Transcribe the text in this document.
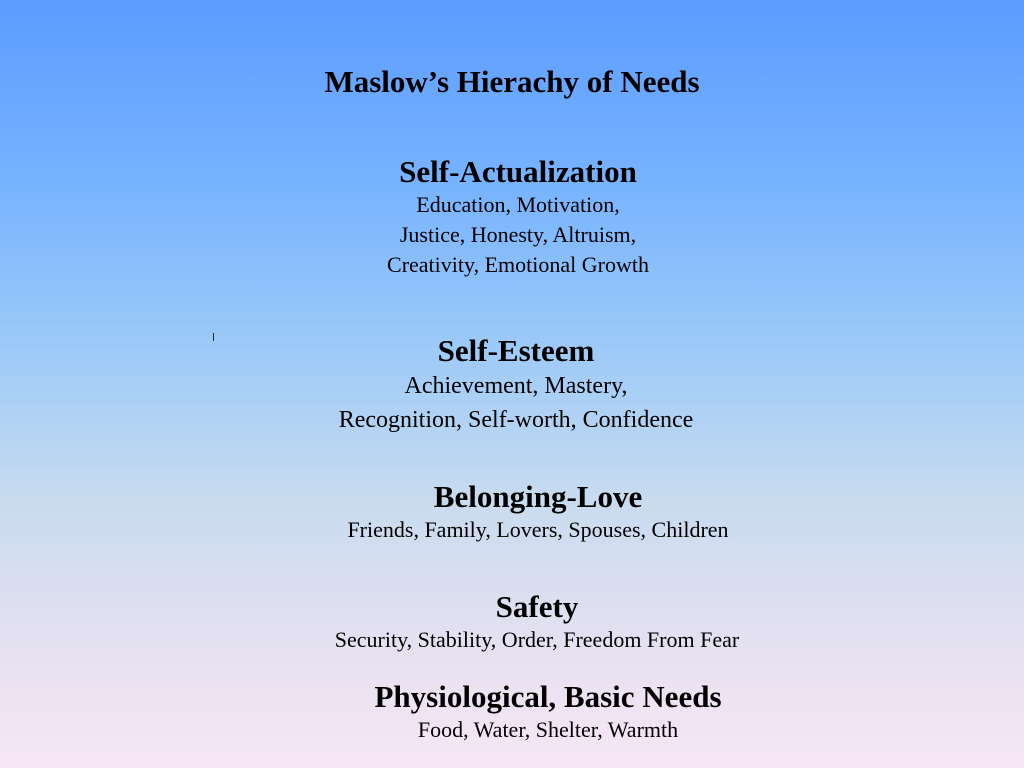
Maslow’s Hierachy of Needs
Self-Actualization
Education, Motivation,
Justice, Honesty, Altruism,
Creativity, Emotional Growth
Self-Esteem
Achievement, Mastery,
Recognition, Self-worth, Confidence
Belonging-Love
Friends, Family, Lovers, Spouses, Children
Safety
Security, Stability, Order, Freedom From Fear
Physiological, Basic Needs
Food, Water, Shelter, Warmth
